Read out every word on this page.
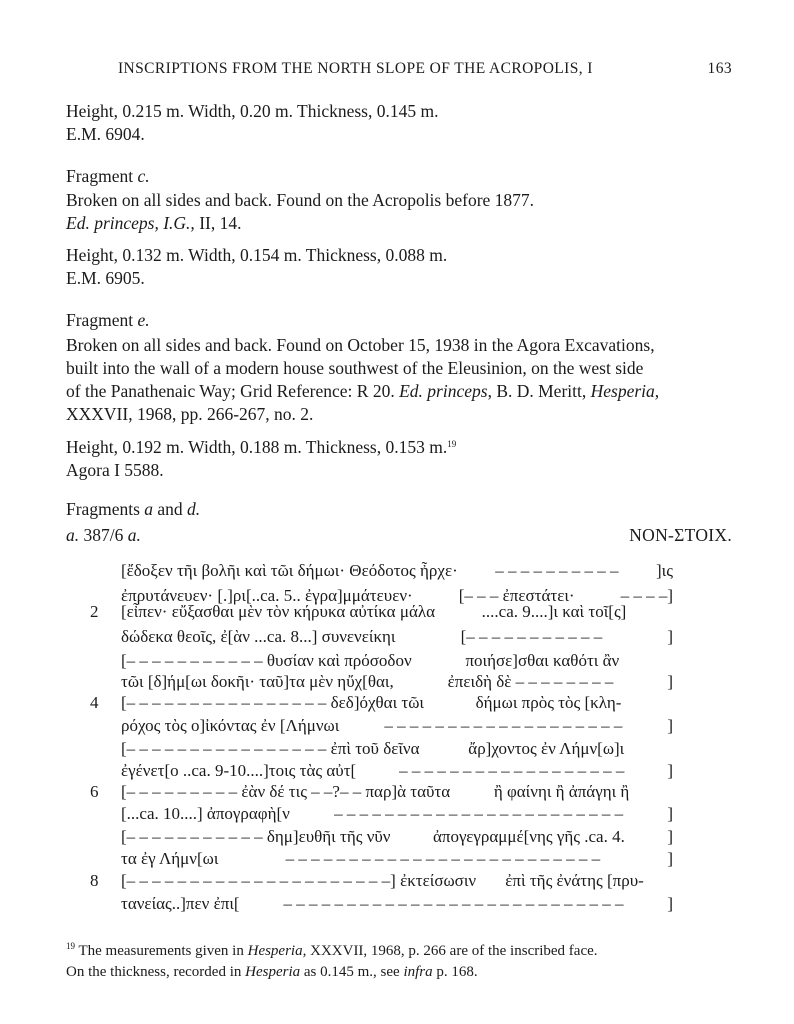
INSCRIPTIONS FROM THE NORTH SLOPE OF THE ACROPOLIS, I	163
Height, 0.215 m. Width, 0.20 m. Thickness, 0.145 m.
E.M. 6904.
Fragment c.
Broken on all sides and back. Found on the Acropolis before 1877.
Ed. princeps, I.G., II, 14.
Height, 0.132 m. Width, 0.154 m. Thickness, 0.088 m.
E.M. 6905.
Fragment e.
Broken on all sides and back. Found on October 15, 1938 in the Agora Excavations,
built into the wall of a modern house southwest of the Eleusinion, on the west side
of the Panathenaic Way; Grid Reference: R 20. Ed. princeps, B. D. Meritt, Hesperia,
XXXVII, 1968, pp. 266-267, no. 2.
Height, 0.192 m. Width, 0.188 m. Thickness, 0.153 m.$^{19}$
Agora I 5588.
Fragments a and d.
a. 387/6 a.	NON-ΣΤΟΙΧ.
[ἔδοξεν τῆι βολῆι καὶ τῶι δήμωι· Θεόδοτος ἦρχε· – – – – – – – – – – ]ις
ἐπρυτάνευεν· [.]ρι[..ca. 5.. ἐγρα]μμάτευεν·	[– – – ἐπεστάτει·	– – – –]
2 [εἶπεν· εὔξασθαι μὲν τὸν κήρυκα αὐτίκα μάλα	....ca. 9....]ι καὶ τοῖ[ς]
δώδεκα θεοῖς, ἐ[ὰν ...ca. 8...] συνενείκηι	[– – – – – – – – – – –	]
[– – – – – – – – – – – θυσίαν καὶ πρόσοδον	ποιήσε]σθαι καθότι ἂν
τῶι [δ]ήμ[ωι δοκῆι· ταῦ]τα μὲν ηὔχ[θαι,	ἐπειδὴ δὲ – – – – – – – –	]
4 [– – – – – – – – – – – – – – – – δεδ]όχθαι τῶι	δήμωι πρὸς τὸς [κλη-
ρόχος τὸς ο]ἰκόντας ἐν [Λήμνωι	– – – – – – – – – – – – – – – – – – –	]
[– – – – – – – – – – – – – – – – ἐπὶ τοῦ δεῖνα	ἄρ]χοντος ἐν Λήμν[ω]ι
ἐγένετ[ο ..ca. 9-10....]τοις τὰς αὐτ[	– – – – – – – – – – – – – – – – – –	]
6 [– – – – – – – – – ἐὰν δέ τις – –?– – παρ]ὰ ταῦτα	ἢ φαίνηι ἢ ἀπάγηι ἢ
[...ca. 10....] ἀπογραφὴ[ν	– – – – – – – – – – – – – – – – – – – – – – –	]
[– – – – – – – – – – – δημ]ευθῆι τῆς νῦν	ἀπογεγραμμέ[νης γῆς .ca. 4.	]
τα ἐγ Λήμν[ωι	– – – – – – – – – – – – – – – – – – – – – – – – –	]
8 [– – – – – – – – – – – – – – – – – – – – –] ἐκτείσωσιν ἐπὶ τῆς ἐνάτης [πρυ-
τανείας..]πεν ἐπι[	– – – – – – – – – – – – – – – – – – – – – – – – – – –	]
$^{19}$ The measurements given in Hesperia, XXXVII, 1968, p. 266 are of the inscribed face.
On the thickness, recorded in Hesperia as 0.145 m., see infra p. 168.
